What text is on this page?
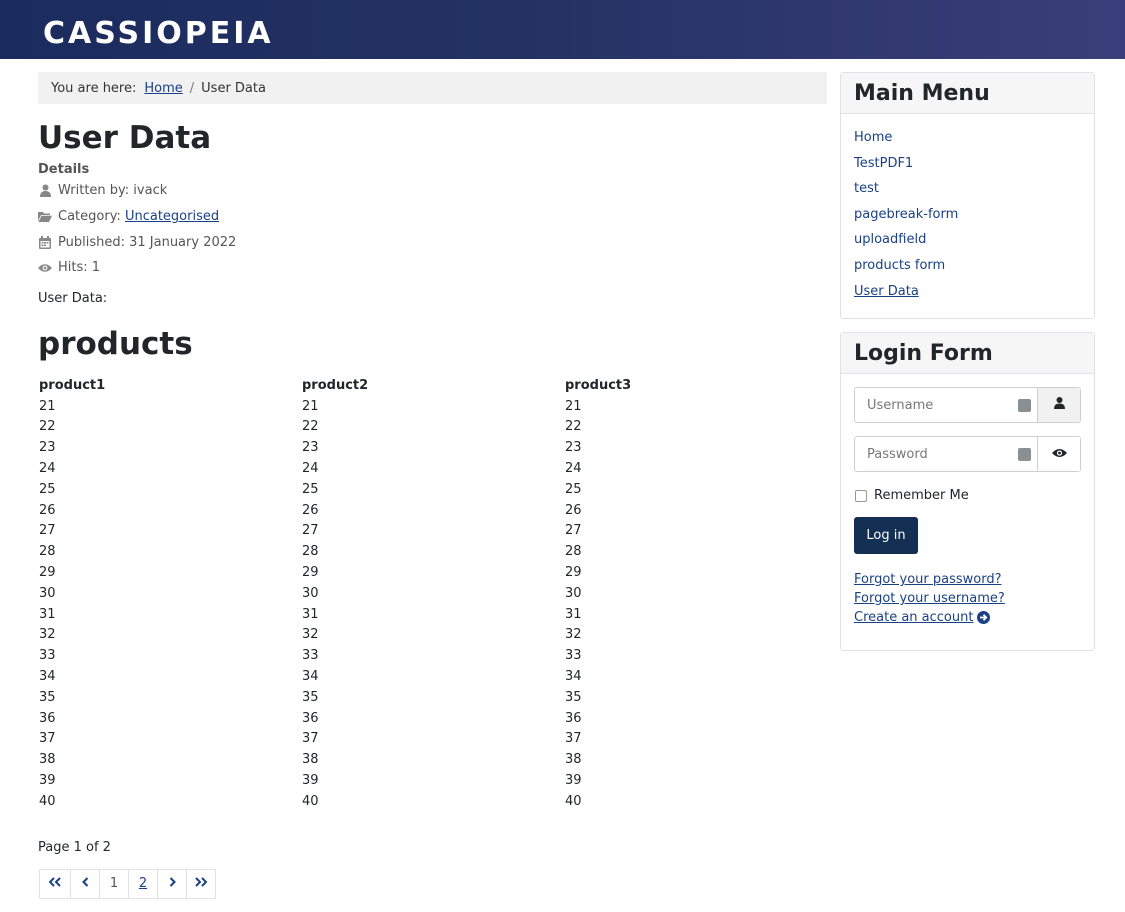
CASSIOPEIA
You are here: Home / User Data
User Data
Details
Written by: ivack
Category:
Uncategorised
Published: 31 January 2022
Hits: 1
User Data:
products
product1	product2	product3
21	21	21
22	22	22
23	23	23
24	24	24
25	25	25
26	26	26
27	27	27
28	28	28
29	29	29
30	30	30
31	31	31
32	32	32
33	33	33
34	34	34
35	35	35
36	36	36
37	37	37
38	38	38
39	39	39
40	40	40
Page 1 of 2
1 2
Main Menu
Home
TestPDF1
test
pagebreak-form
uploadfield
products form
User Data
Login Form
Username
Password
Remember Me
Log in
Forgot your password?
Forgot your username?
Create an account
